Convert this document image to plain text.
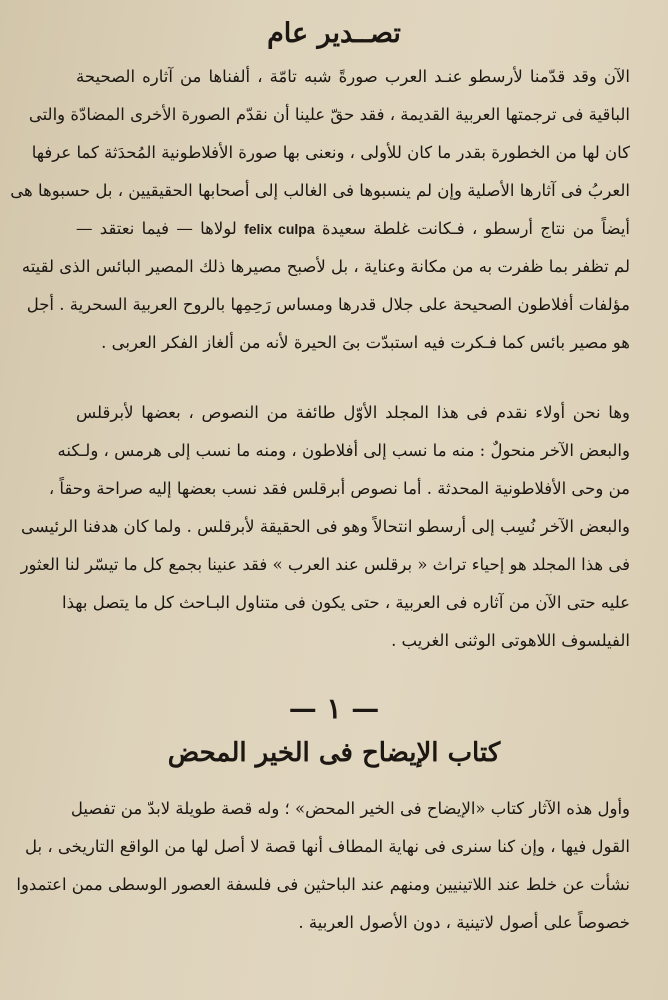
تصــدير عام
الآن وقد قدّمنا لأرسطو عنـد العرب صورةً شبه تامّة ، ألفناها من آثاره الصحيحة
الباقية فى ترجمتها العربية القديمة ، فقد حقّ علينا أن نقدّم الصورة الأخرى المضادّة والتى
كان لها من الخطورة بقدر ما كان للأولى ، ونعنى بها صورة الأفلاطونية المُحدَثة كما عرفها
العربُ فى آثارها الأصلية وإن لم ينسبوها فى الغالب إلى أصحابها الحقيقيين ، بل حسبوها هى
أيضاً من نتاج أرسطو ، فـكانت غلطة سعيدة felix culpa لولاها — فيما نعتقد —
لم تظفر بما ظفرت به من مكانة وعناية ، بل لأصبح مصيرها ذلك المصير البائس الذى لقيته
مؤلفات أفلاطون الصحيحة على جلال قدرها ومساس رَحِمِها بالروح العربية السحرية . أجل
هو مصير بائس كما فـكرت فيه استبدّت بىَ الحيرة لأنه من ألغاز الفكر العربى .
وها نحن أولاء نقدم فى هذا المجلد الأوّل طائفة من النصوص ، بعضها لأبرقلس
والبعض الآخر منحولٌ : منه ما نسب إلى أفلاطون ، ومنه ما نسب إلى هرمس ، ولـكنه
من وحى الأفلاطونية المحدثة . أما نصوص أبرقلس فقد نسب بعضها إليه صراحة وحقاً ،
والبعض الآخر نُسِب إلى أرسطو انتحالاً وهو فى الحقيقة لأبرقلس . ولما كان هدفنا الرئيسى
فى هذا المجلد هو إحياء تراث « برقلس عند العرب » فقد عنينا بجمع كل ما تيسّر لنا العثور
عليه حتى الآن من آثاره فى العربية ، حتى يكون فى متناول البـاحث كل ما يتصل بهذا
الفيلسوف اللاهوتى الوثنى الغريب .
— ١ —
كتاب الإيضاح فى الخير المحض
وأول هذه الآثار كتاب «الإيضاح فى الخير المحض» ؛ وله قصة طويلة لابدّ من تفصيل
القول فيها ، وإن كنا سنرى فى نهاية المطاف أنها قصة لا أصل لها من الواقع التاريخى ، بل
نشأت عن خلط عند اللاتينيين ومنهم عند الباحثين فى فلسفة العصور الوسطى ممن اعتمدوا
خصوصاً على أصول لاتينية ، دون الأصول العربية .
